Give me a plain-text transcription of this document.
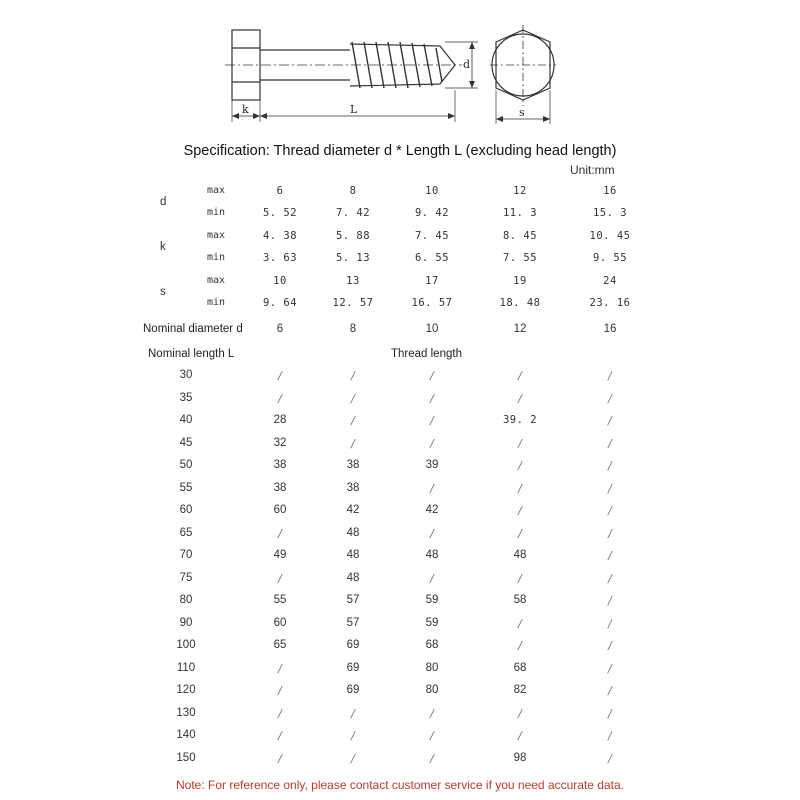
k	L
d
s
Specification: Thread diameter d * Length L (excluding head length)
Unit:mm
d
max	6	8	10	12	16
min	5. 52	7. 42	9. 42	11. 3	15. 3
k
max	4. 38	5. 88	7. 45	8. 45	10. 45
min	3. 63	5. 13	6. 55	7. 55	9. 55
s
max	10	13	17	19	24
min	9. 64	12. 57	16. 57	18. 48	23. 16
Nominal diameter d	6	8	10	12	16
Nominal length L	Thread length
30	/	/	/	/	/
35	/	/	/	/	/
40	28	/	/	39. 2	/
45	32	/	/	/	/
50	38	38	39	/	/
55	38	38	/	/	/
60	60	42	42	/	/
65	/	48	/	/	/
70	49	48	48	48	/
75	/	48	/	/	/
80	55	57	59	58	/
90	60	57	59	/	/
100	65	69	68	/	/
110	/	69	80	68	/
120	/	69	80	82	/
130	/	/	/	/	/
140	/	/	/	/	/
150	/	/	/	98	/
Note: For reference only, please contact customer service if you need accurate data.
